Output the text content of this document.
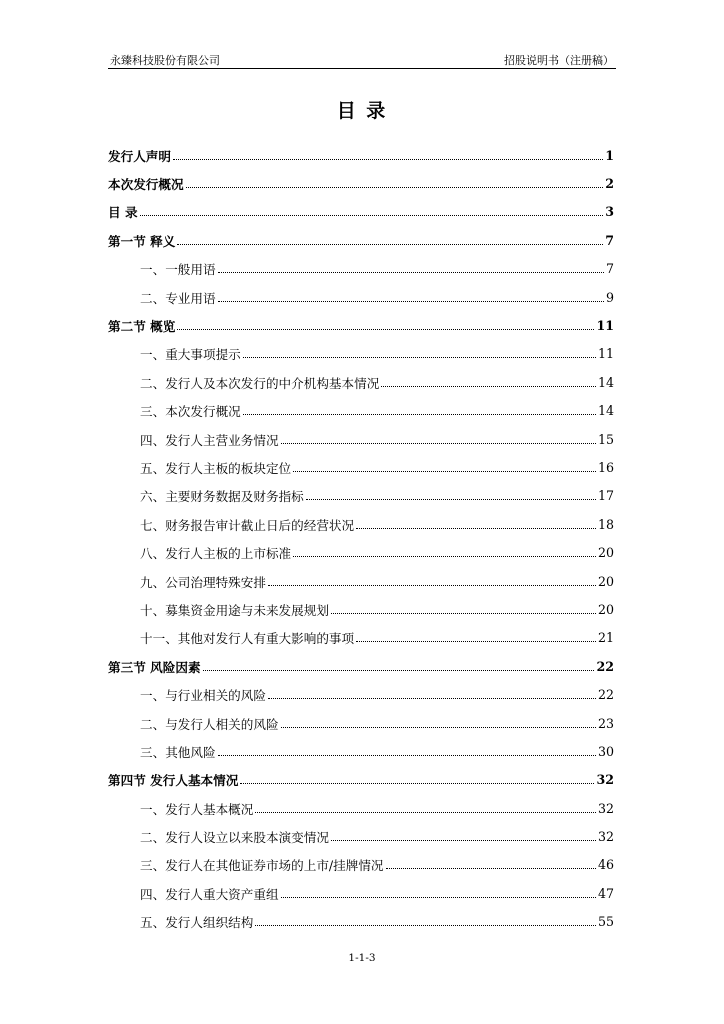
永臻科技股份有限公司	招股说明书（注册稿）
目 录
发行人声明	1
本次发行概况	2
目 录	3
第一节 释义	7
一、一般用语	7
二、专业用语	9
第二节 概览	11
一、重大事项提示	11
二、发行人及本次发行的中介机构基本情况	14
三、本次发行概况	14
四、发行人主营业务情况	15
五、发行人主板的板块定位	16
六、主要财务数据及财务指标	17
七、财务报告审计截止日后的经营状况	18
八、发行人主板的上市标准	20
九、公司治理特殊安排	20
十、募集资金用途与未来发展规划	20
十一、其他对发行人有重大影响的事项	21
第三节 风险因素	22
一、与行业相关的风险	22
二、与发行人相关的风险	23
三、其他风险	30
第四节 发行人基本情况	32
一、发行人基本概况	32
二、发行人设立以来股本演变情况	32
三、发行人在其他证券市场的上市/挂牌情况	46
四、发行人重大资产重组	47
五、发行人组织结构	55
1-1-3
